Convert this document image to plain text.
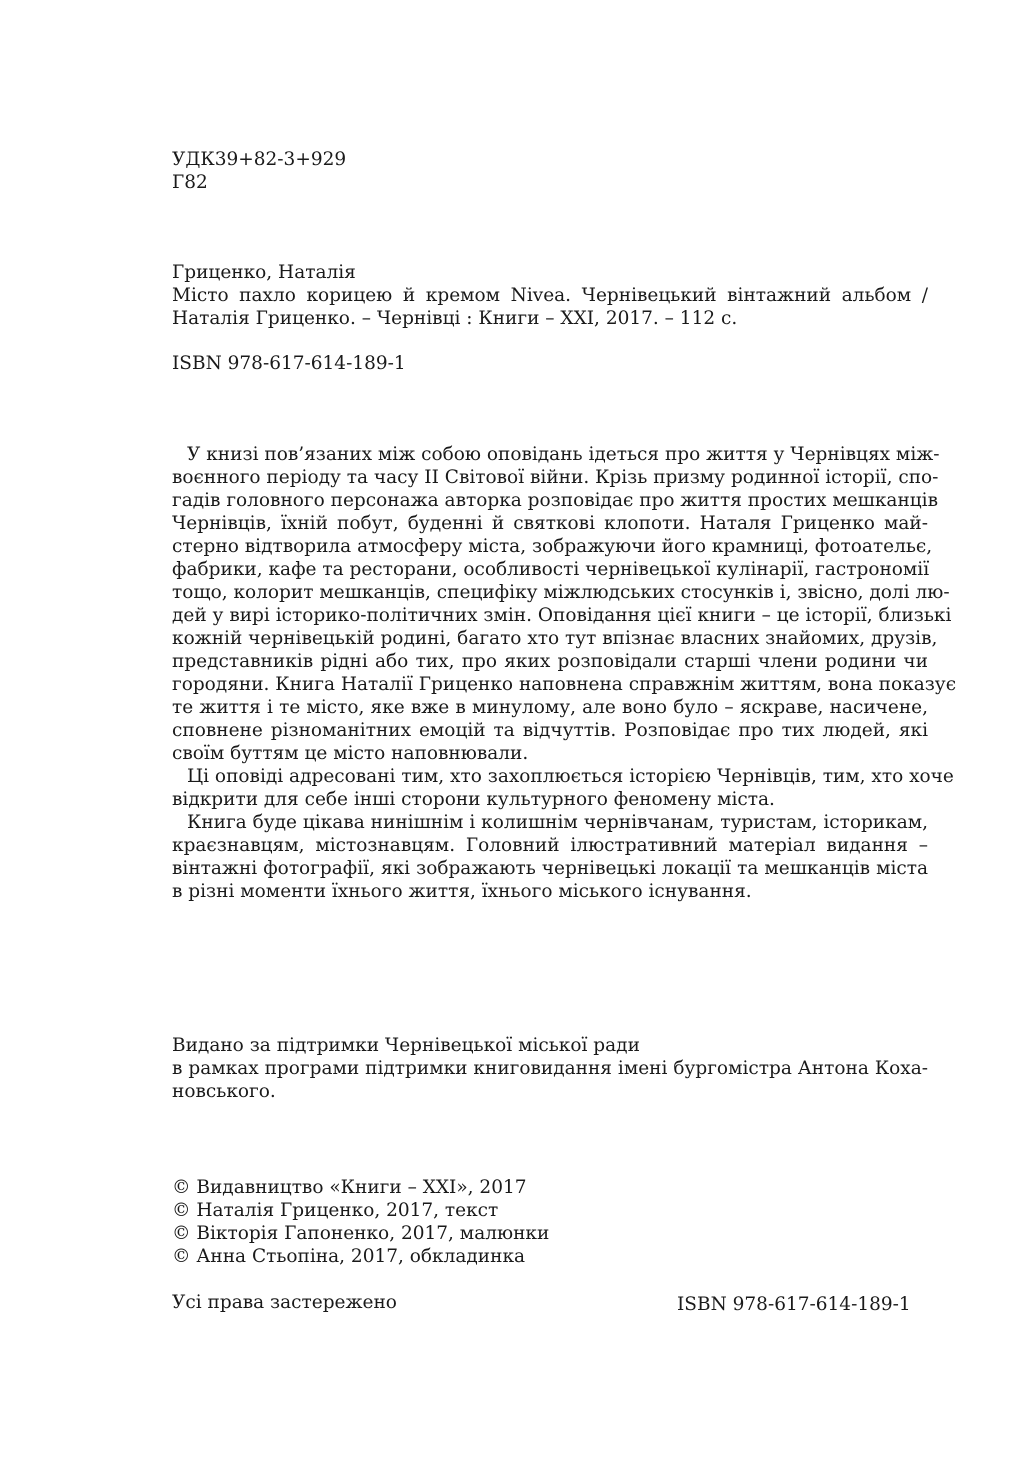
УДК39+82-3+929
Г82
Гриценко, Наталія
Місто пахло корицею й кремом Nivea. Чернівецький вінтажний альбом /
Наталія Гриценко. – Чернівці : Книги – ХХІ, 2017. – 112 с.
ISBN 978-617-614-189-1
У книзі пов’язаних між собою оповідань ідеться про життя у Чернівцях між-
воєнного періоду та часу ІІ Світової війни. Крізь призму родинної історії, спо-
гадів головного персонажа авторка розповідає про життя простих мешканців
Чернівців, їхній побут, буденні й святкові клопоти. Наталя Гриценко май-
стерно відтворила атмосферу міста, зображуючи його крамниці, фотоательє,
фабрики, кафе та ресторани, особливості чернівецької кулінарії, гастрономії
тощо, колорит мешканців, специфіку міжлюдських стосунків і, звісно, долі лю-
дей у вирі історико-політичних змін. Оповідання цієї книги – це історії, близькі
кожній чернівецькій родині, багато хто тут впізнає власних знайомих, друзів,
представників рідні або тих, про яких розповідали старші члени родини чи
городяни. Книга Наталії Гриценко наповнена справжнім життям, вона показує
те життя і те місто, яке вже в минулому, але воно було – яскраве, насичене,
сповнене різноманітних емоцій та відчуттів. Розповідає про тих людей, які
своїм буттям це місто наповнювали.
Ці оповіді адресовані тим, хто захоплюється історією Чернівців, тим, хто хоче
відкрити для себе інші сторони культурного феномену міста.
Книга буде цікава нинішнім і колишнім чернівчанам, туристам, історикам,
краєзнавцям, містознавцям. Головний ілюстративний матеріал видання –
вінтажні фотографії, які зображають чернівецькі локації та мешканців міста
в різні моменти їхнього життя, їхнього міського існування.
Видано за підтримки Чернівецької міської ради
в рамках програми підтримки книговидання імені бургомістра Антона Коха-
новського.
© Видавництво «Книги – ХХІ», 2017
© Наталія Гриценко, 2017, текст
© Вікторія Гапоненко, 2017, малюнки
© Анна Стьопіна, 2017, обкладинка
Усі права застережено	ISBN 978-617-614-189-1
